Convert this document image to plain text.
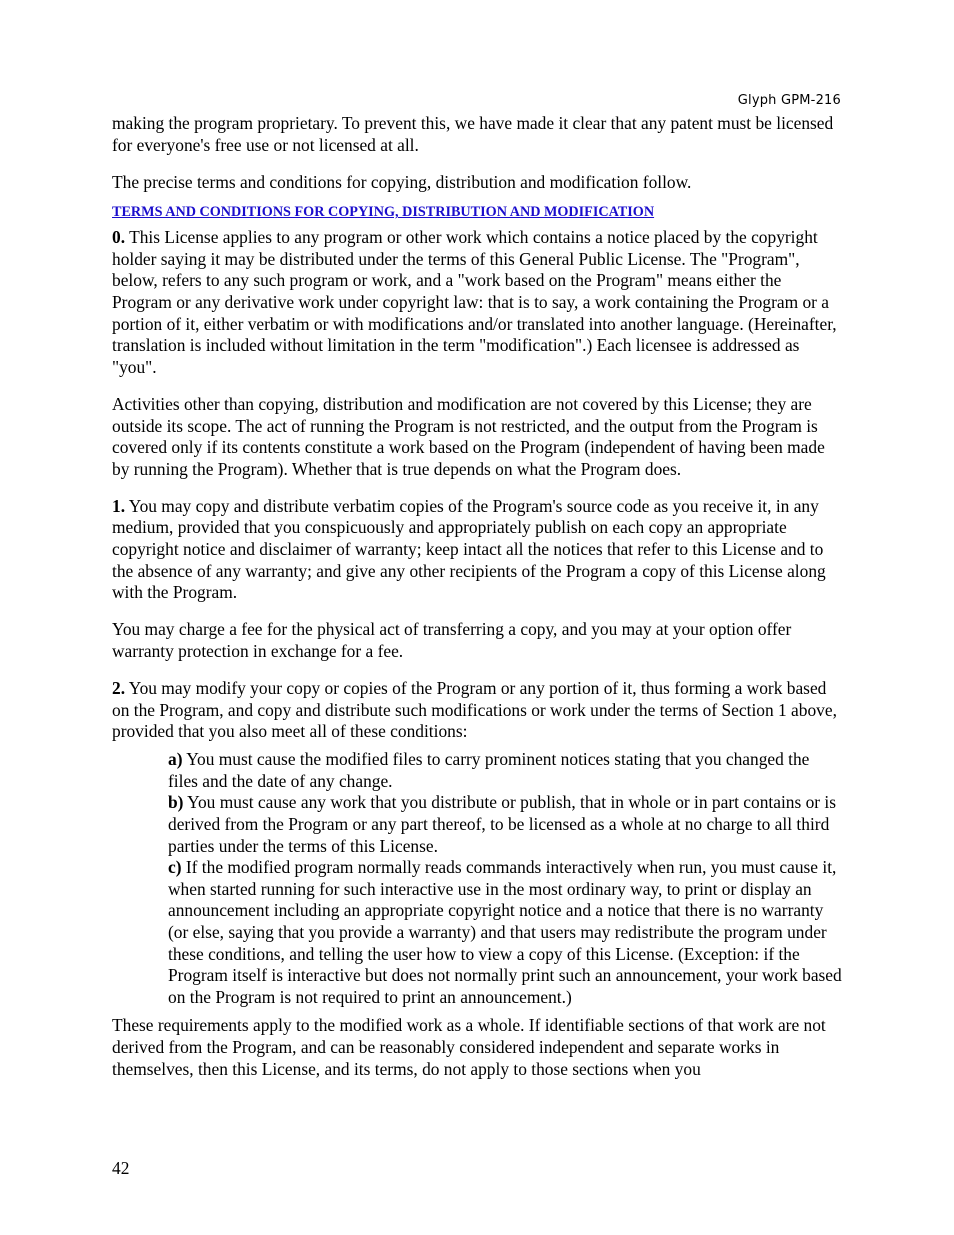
Glyph GPM-216

making the program proprietary. To prevent this, we have made it clear that any patent must be licensed for everyone's free use or not licensed at all.

The precise terms and conditions for copying, distribution and modification follow.

TERMS AND CONDITIONS FOR COPYING, DISTRIBUTION AND MODIFICATION

0. This License applies to any program or other work which contains a notice placed by the copyright holder saying it may be distributed under the terms of this General Public License. The "Program", below, refers to any such program or work, and a "work based on the Program" means either the Program or any derivative work under copyright law: that is to say, a work containing the Program or a portion of it, either verbatim or with modifications and/or translated into another language. (Hereinafter, translation is included without limitation in the term "modification".) Each licensee is addressed as "you".

Activities other than copying, distribution and modification are not covered by this License; they are outside its scope. The act of running the Program is not restricted, and the output from the Program is covered only if its contents constitute a work based on the Program (independent of having been made by running the Program). Whether that is true depends on what the Program does.

1. You may copy and distribute verbatim copies of the Program's source code as you receive it, in any medium, provided that you conspicuously and appropriately publish on each copy an appropriate copyright notice and disclaimer of warranty; keep intact all the notices that refer to this License and to the absence of any warranty; and give any other recipients of the Program a copy of this License along with the Program.

You may charge a fee for the physical act of transferring a copy, and you may at your option offer warranty protection in exchange for a fee.

2. You may modify your copy or copies of the Program or any portion of it, thus forming a work based on the Program, and copy and distribute such modifications or work under the terms of Section 1 above, provided that you also meet all of these conditions:

a) You must cause the modified files to carry prominent notices stating that you changed the files and the date of any change.
b) You must cause any work that you distribute or publish, that in whole or in part contains or is derived from the Program or any part thereof, to be licensed as a whole at no charge to all third parties under the terms of this License.
c) If the modified program normally reads commands interactively when run, you must cause it, when started running for such interactive use in the most ordinary way, to print or display an announcement including an appropriate copyright notice and a notice that there is no warranty (or else, saying that you provide a warranty) and that users may redistribute the program under these conditions, and telling the user how to view a copy of this License. (Exception: if the Program itself is interactive but does not normally print such an announcement, your work based on the Program is not required to print an announcement.)

These requirements apply to the modified work as a whole. If identifiable sections of that work are not derived from the Program, and can be reasonably considered independent and separate works in themselves, then this License, and its terms, do not apply to those sections when you

42
